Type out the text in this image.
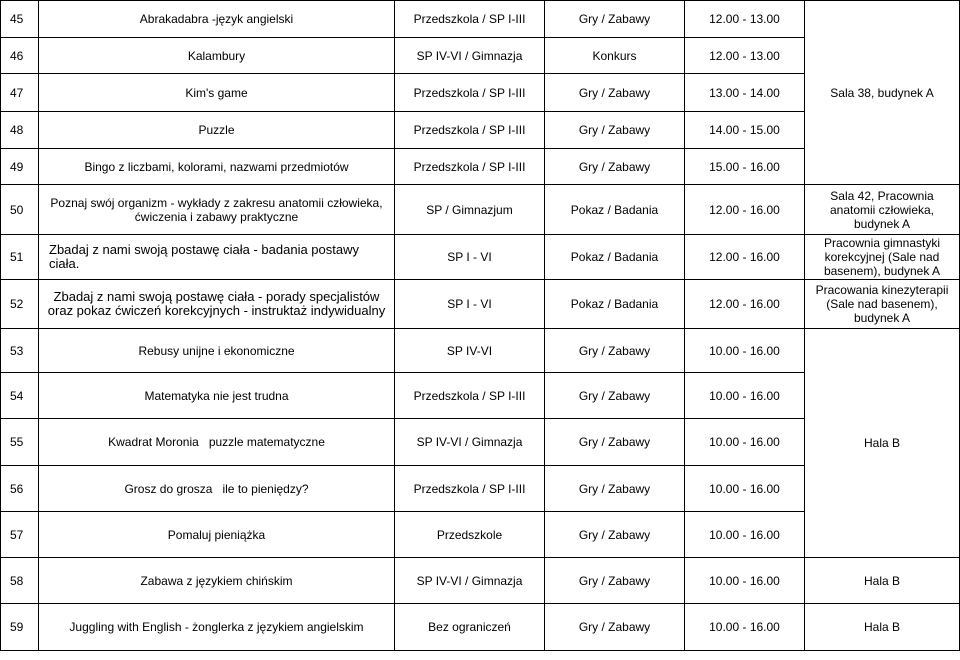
45	Abrakadabra -język angielski	Przedszkola / SP I-III	Gry / Zabawy	12.00 - 13.00	Sala 38, budynek A
46	Kalambury	SP IV-VI / Gimnazja	Konkurs	12.00 - 13.00	
47	Kim's game	Przedszkola / SP I-III	Gry / Zabawy	13.00 - 14.00	
48	Puzzle	Przedszkola / SP I-III	Gry / Zabawy	14.00 - 15.00	
49	Bingo z liczbami, kolorami, nazwami przedmiotów	Przedszkola / SP I-III	Gry / Zabawy	15.00 - 16.00	
50	Poznaj swój organizm - wykłady z zakresu anatomii człowieka, ćwiczenia i zabawy praktyczne	SP / Gimnazjum	Pokaz / Badania	12.00 - 16.00	Sala 42, Pracownia anatomii człowieka, budynek A
51	Zbadaj z nami swoją postawę ciała - badania postawy ciała.	SP I - VI	Pokaz / Badania	12.00 - 16.00	Pracownia gimnastyki korekcyjnej (Sale nad basenem), budynek A
52	Zbadaj z nami swoją postawę ciała - porady specjalistów oraz pokaz ćwiczeń korekcyjnych - instruktaż indywidualny	SP I - VI	Pokaz / Badania	12.00 - 16.00	Pracowania kinezyterapii (Sale nad basenem), budynek A
53	Rebusy unijne i ekonomiczne	SP IV-VI	Gry / Zabawy	10.00 - 16.00	Hala B
54	Matematyka nie jest trudna	Przedszkola / SP I-III	Gry / Zabawy	10.00 - 16.00	
55	Kwadrat Moronia   puzzle matematyczne	SP IV-VI / Gimnazja	Gry / Zabawy	10.00 - 16.00	
56	Grosz do grosza   ile to pieniędzy?	Przedszkola / SP I-III	Gry / Zabawy	10.00 - 16.00	
57	Pomaluj pieniążka	Przedszkole	Gry / Zabawy	10.00 - 16.00	
58	Zabawa z językiem chińskim	SP IV-VI / Gimnazja	Gry / Zabawy	10.00 - 16.00	Hala B
59	Juggling with English - żonglerka z językiem angielskim	Bez ograniczeń	Gry / Zabawy	10.00 - 16.00	Hala B
